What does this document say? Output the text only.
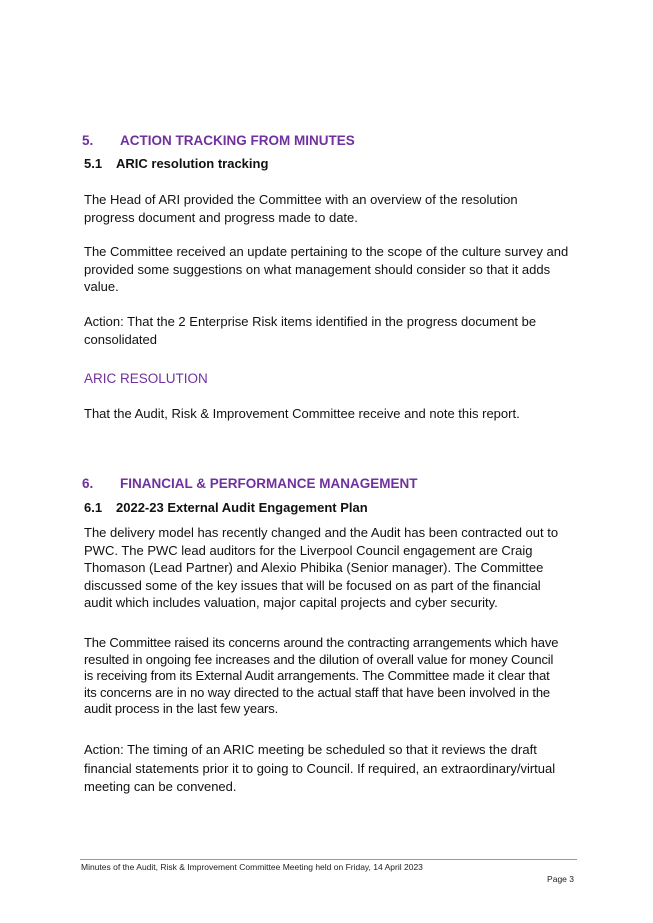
5. ACTION TRACKING FROM MINUTES
5.1 ARIC resolution tracking
The Head of ARI provided the Committee with an overview of the resolution
progress document and progress made to date.
The Committee received an update pertaining to the scope of the culture survey and
provided some suggestions on what management should consider so that it adds
value.
Action: That the 2 Enterprise Risk items identified in the progress document be
consolidated
ARIC RESOLUTION
That the Audit, Risk & Improvement Committee receive and note this report.
6. FINANCIAL & PERFORMANCE MANAGEMENT
6.1 2022-23 External Audit Engagement Plan
The delivery model has recently changed and the Audit has been contracted out to
PWC. The PWC lead auditors for the Liverpool Council engagement are Craig
Thomason (Lead Partner) and Alexio Phibika (Senior manager). The Committee
discussed some of the key issues that will be focused on as part of the financial
audit which includes valuation, major capital projects and cyber security.
The Committee raised its concerns around the contracting arrangements which have
resulted in ongoing fee increases and the dilution of overall value for money Council
is receiving from its External Audit arrangements. The Committee made it clear that
its concerns are in no way directed to the actual staff that have been involved in the
audit process in the last few years.
Action: The timing of an ARIC meeting be scheduled so that it reviews the draft
financial statements prior it to going to Council. If required, an extraordinary/virtual
meeting can be convened.
Minutes of the Audit, Risk & Improvement Committee Meeting held on Friday, 14 April 2023
Page 3
